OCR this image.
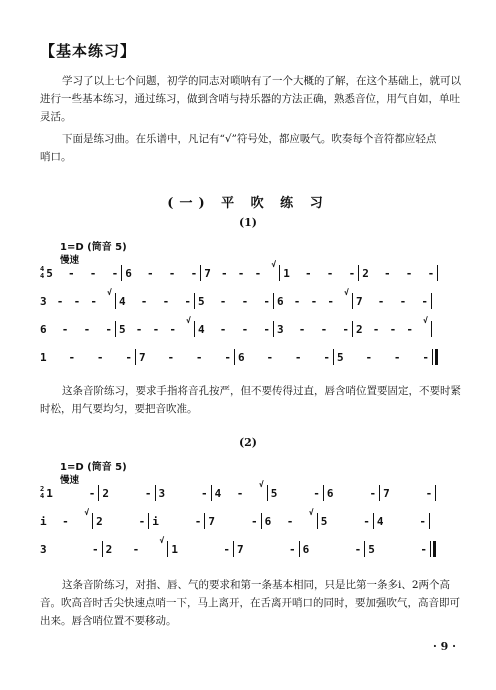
【基本练习】
学习了以上七个问题，初学的同志对唢呐有了一个大概的了解，在这个基础上，就可以
进行一些基本练习，通过练习，做到含哨与持乐器的方法正确，熟悉音位，用气自如，单吐
灵活。
下面是练习曲。在乐谱中，凡记有“√”符号处，都应吸气。吹奏每个音符都应轻点
哨口。
(一) 平 吹 练 习
(1)
1=D (筒音 5)
慢速
4
4 5 - - - 6 - - - 7 - - -
√
1 - - - 2 - - -
3 - - -
√
4 - - - 5 - - - 6 - - -
√
7 - - -
6 - - - 5 - - -
√
4 - - - 3 - - - 2 - - -
√
1 - - - 7 - - - 6 - - - 5 - - -
这条音阶练习，要求手指将音孔按严，但不要传得过直，唇含哨位置要固定，不要时紧
时松，用气要均匀，要把音吹准。
(2)
1=D (筒音 5)
慢速
2
4 1	- 2	- 3	- 4 -
√
5	- 6	- 7	-
i -
√
2	- i	- 7	- 6 -
√
5	- 4	-
3	- 2 -
√
1	- 7	- 6	- 5	-
这条音阶练习，对指、唇、气的要求和第一条基本相同，只是比第一条多i、2两个高
音。吹高音时舌尖快速点哨一下，马上离开，在舌离开哨口的同时，要加强吹气，高音即可
出来。唇含哨位置不要移动。
· 9 ·
